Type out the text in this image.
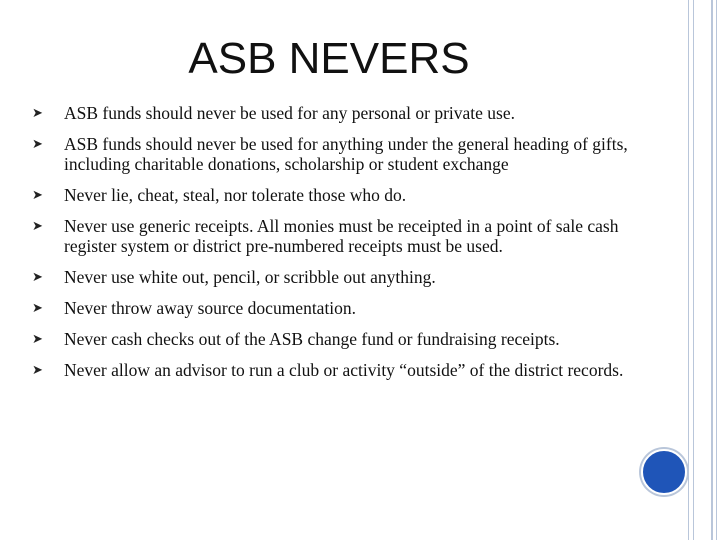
ASB NEVERS
➤	ASB funds should never be used for any personal or private use.
➤	ASB funds should never be used for anything under the general heading of gifts, including charitable donations, scholarship or student exchange
➤	Never lie, cheat, steal, nor tolerate those who do.
➤	Never use generic receipts. All monies must be receipted in a point of sale cash register system or district pre-numbered receipts must be used.
➤	Never use white out, pencil, or scribble out anything.
➤	Never throw away source documentation.
➤	Never cash checks out of the ASB change fund or fundraising receipts.
➤	Never allow an advisor to run a club or activity “outside” of the district records.
